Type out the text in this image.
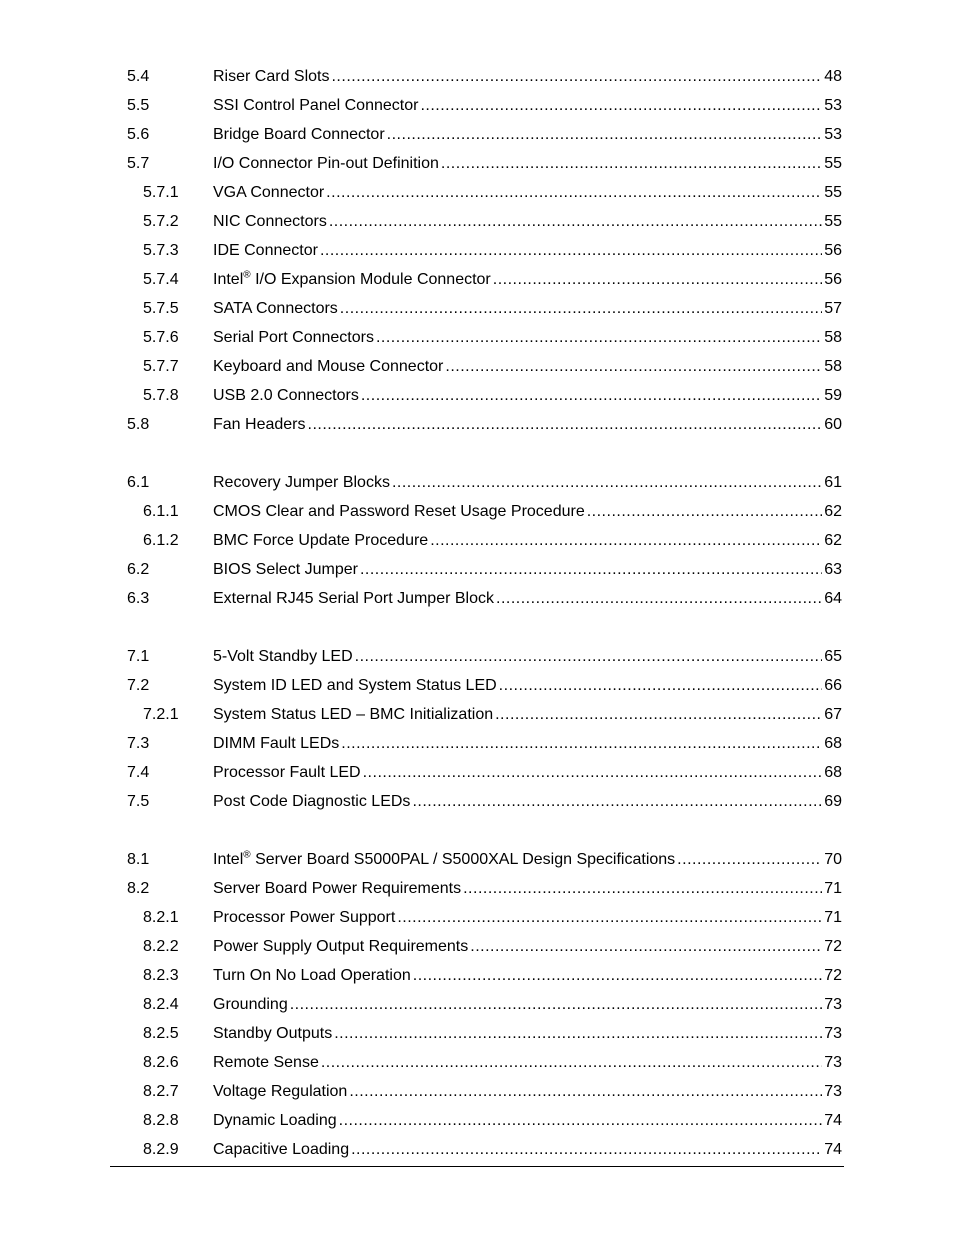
5.4	Riser Card Slots .....	48
5.5	SSI Control Panel Connector .....	53
5.6	Bridge Board Connector .....	53
5.7	I/O Connector Pin-out Definition .....	55
5.7.1 VGA Connector .....	55
5.7.2 NIC Connectors .....	55
5.7.3 IDE Connector .....	56
5.7.4 Intel® I/O Expansion Module Connector .....	56
5.7.5 SATA Connectors .....	57
5.7.6 Serial Port Connectors .....	58
5.7.7 Keyboard and Mouse Connector .....	58
5.7.8 USB 2.0 Connectors .....	59
5.8	Fan Headers .....	60
6.1	Recovery Jumper Blocks .....	61
6.1.1 CMOS Clear and Password Reset Usage Procedure .....	62
6.1.2 BMC Force Update Procedure .....	62
6.2	BIOS Select Jumper .....	63
6.3	External RJ45 Serial Port Jumper Block .....	64
7.1	5-Volt Standby LED .....	65
7.2	System ID LED and System Status LED .....	66
7.2.1 System Status LED – BMC Initialization .....	67
7.3	DIMM Fault LEDs .....	68
7.4	Processor Fault LED .....	68
7.5	Post Code Diagnostic LEDs .....	69
8.1	Intel® Server Board S5000PAL / S5000XAL Design Specifications .....	70
8.2	Server Board Power Requirements .....	71
8.2.1 Processor Power Support .....	71
8.2.2 Power Supply Output Requirements .....	72
8.2.3 Turn On No Load Operation .....	72
8.2.4 Grounding .....	73
8.2.5 Standby Outputs .....	73
8.2.6 Remote Sense .....	73
8.2.7 Voltage Regulation .....	73
8.2.8 Dynamic Loading .....	74
8.2.9 Capacitive Loading .....	74
